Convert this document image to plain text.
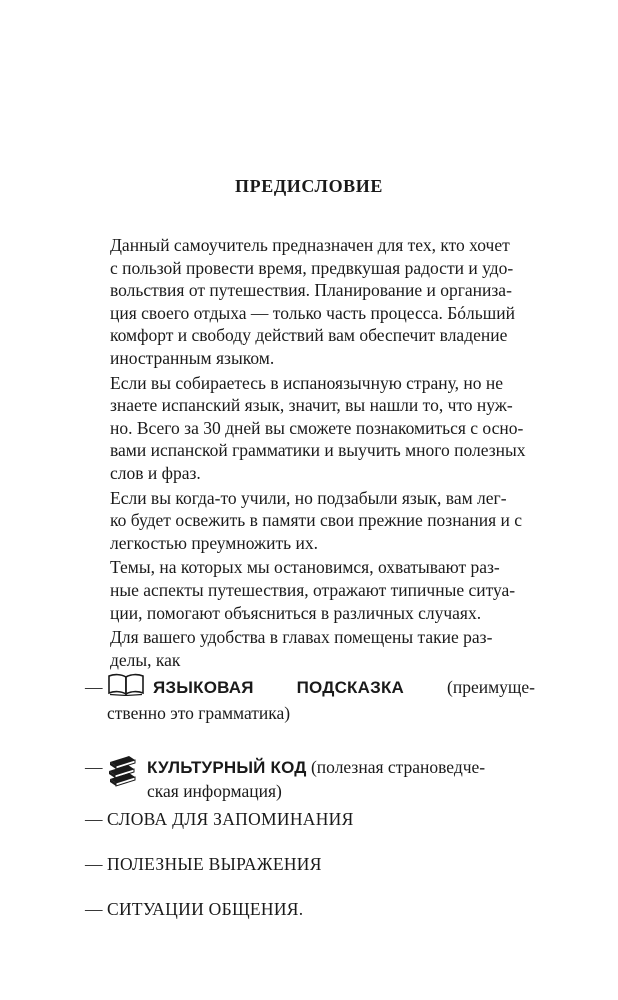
ПРЕДИСЛОВИЕ

Данный самоучитель предназначен для тех, кто хочет
с пользой провести время, предвкушая радости и удо-
вольствия от путешествия. Планирование и организа-
ция своего отдыха — только часть процесса. Бóльший
комфорт и свободу действий вам обеспечит владение
иностранным языком.

Если вы собираетесь в испаноязычную страну, но не
знаете испанский язык, значит, вы нашли то, что нуж-
но. Всего за 30 дней вы сможете познакомиться с осно-
вами испанской грамматики и выучить много полезных
слов и фраз.

Если вы когда-то учили, но подзабыли язык, вам лег-
ко будет освежить в памяти свои прежние познания и с
легкостью преумножить их.

Темы, на которых мы остановимся, охватывают раз-
ные аспекты путешествия, отражают типичные ситуа-
ции, помогают объясниться в различных случаях.

Для вашего удобства в главах помещены такие раз-
делы, как

—	ЯЗЫКОВАЯ	ПОДСКАЗКА (преимуще-
ственно это грамматика)
—	КУЛЬТУРНЫЙ КОД (полезная страноведче-
ская информация)
— СЛОВА ДЛЯ ЗАПОМИНАНИЯ
— ПОЛЕЗНЫЕ ВЫРАЖЕНИЯ
— СИТУАЦИИ ОБЩЕНИЯ.
